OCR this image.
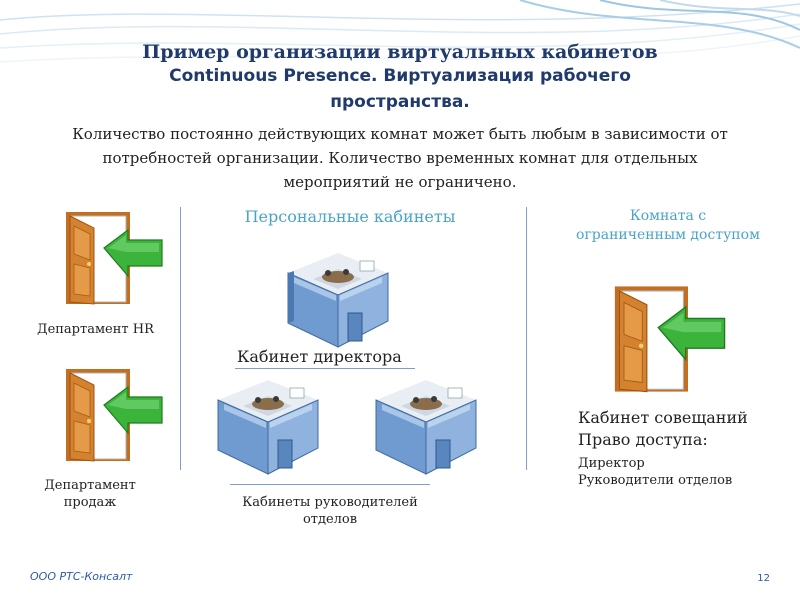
Пример организации виртуальных кабинетов
Continuous Presence. Виртуализация рабочего
пространства.
Количество постоянно действующих комнат может быть любым в зависимости от
потребностей организации. Количество временных комнат для отдельных
мероприятий не ограничено.
Департамент HR
Департамент
продаж
Персональные кабинеты
Кабинет директора
Кабинеты руководителей
отделов
Комната с
ограниченным доступом
Кабинет совещаний
Право доступа:
Директор
Руководители отделов
ООО РТС-Консалт	12
